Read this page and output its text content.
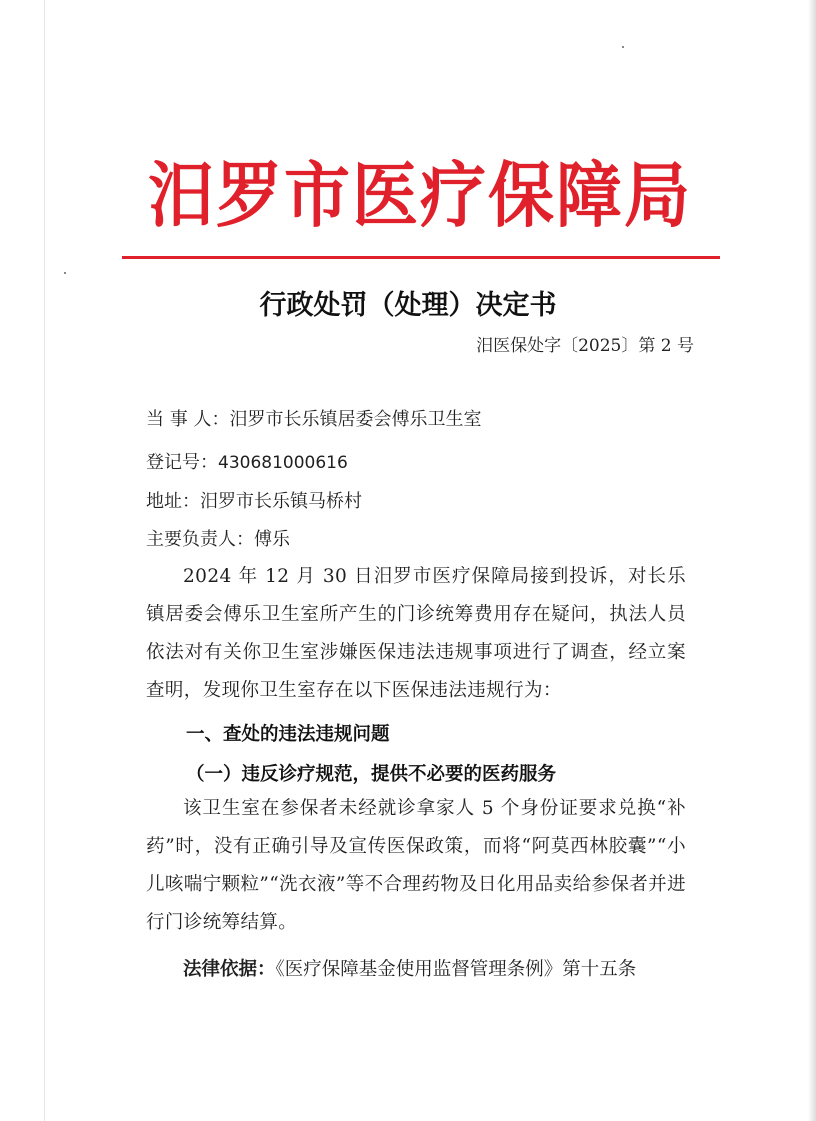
汨罗市医疗保障局
行政处罚（处理）决定书
汨医保处字〔2025〕第 2 号
当 事 人：汨罗市长乐镇居委会傅乐卫生室
登记号：430681000616
地址：汨罗市长乐镇马桥村
主要负责人：傅乐
2024 年 12 月 30 日汨罗市医疗保障局接到投诉，对长乐镇居委会傅乐卫生室所产生的门诊统筹费用存在疑问，执法人员依法对有关你卫生室涉嫌医保违法违规事项进行了调查，经立案查明，发现你卫生室存在以下医保违法违规行为：
一、查处的违法违规问题
（一）违反诊疗规范，提供不必要的医药服务
该卫生室在参保者未经就诊拿家人 5 个身份证要求兑换“补药”时，没有正确引导及宣传医保政策，而将“阿莫西林胶囊”“小儿咳喘宁颗粒”“洗衣液”等不合理药物及日化用品卖给参保者并进行门诊统筹结算。
法律依据：《医疗保障基金使用监督管理条例》第十五条
